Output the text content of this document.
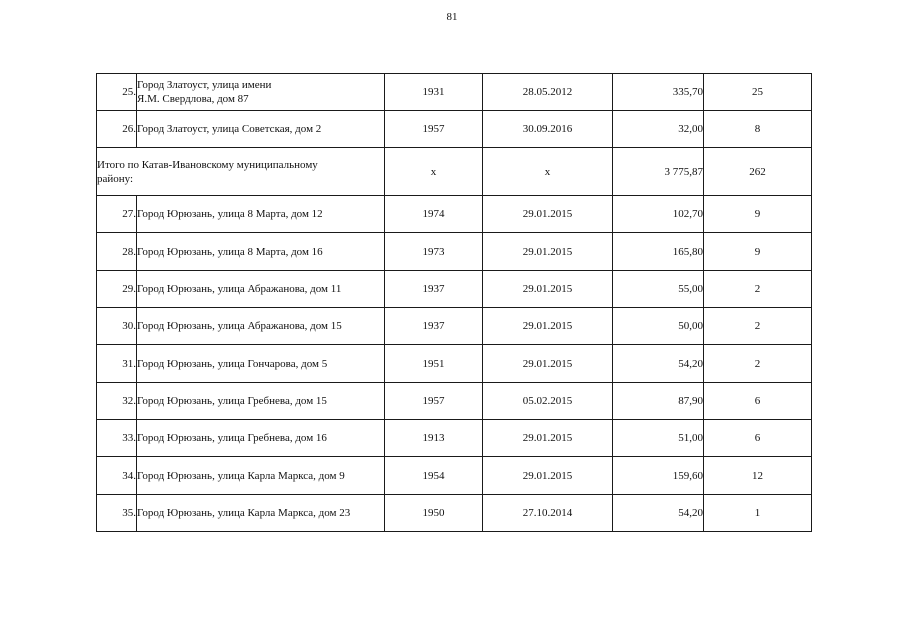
81
25.	Город Златоуст, улица имени
Я.М. Свердлова, дом 87	1931	28.05.2012	335,70	25
26.	Город Златоуст, улица Советская, дом 2	1957	30.09.2016	32,00	8
Итого по Катав-Ивановскому муниципальному
району:		x	x	3 775,87	262
27.	Город Юрюзань, улица 8 Марта, дом 12	1974	29.01.2015	102,70	9
28.	Город Юрюзань, улица 8 Марта, дом 16	1973	29.01.2015	165,80	9
29.	Город Юрюзань, улица Абражанова, дом 11	1937	29.01.2015	55,00	2
30.	Город Юрюзань, улица Абражанова, дом 15	1937	29.01.2015	50,00	2
31.	Город Юрюзань, улица Гончарова, дом 5	1951	29.01.2015	54,20	2
32.	Город Юрюзань, улица Гребнева, дом 15	1957	05.02.2015	87,90	6
33.	Город Юрюзань, улица Гребнева, дом 16	1913	29.01.2015	51,00	6
34.	Город Юрюзань, улица Карла Маркса, дом 9	1954	29.01.2015	159,60	12
35.	Город Юрюзань, улица Карла Маркса, дом 23	1950	27.10.2014	54,20	1
